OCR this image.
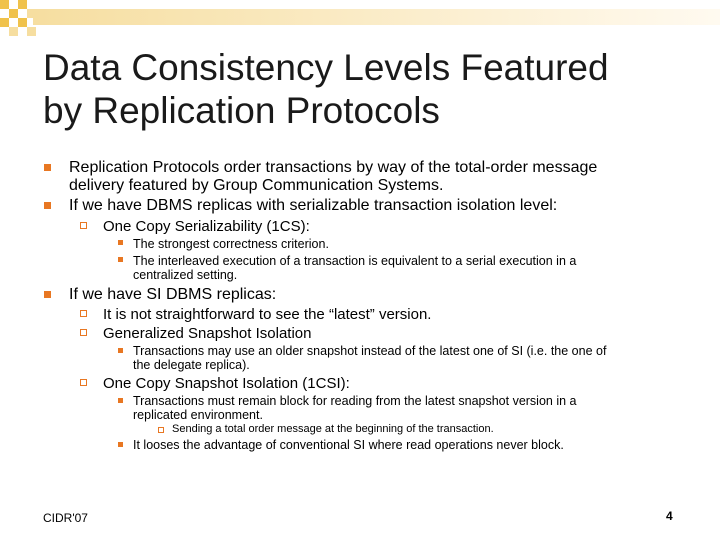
Data Consistency Levels Featured
by Replication Protocols
Replication Protocols order transactions by way of the total-order message
delivery featured by Group Communication Systems.
If we have DBMS replicas with serializable transaction isolation level:
One Copy Serializability (1CS):
The strongest correctness criterion.
The interleaved execution of a transaction is equivalent to a serial execution in a
centralized setting.
If we have SI DBMS replicas:
It is not straightforward to see the “latest” version.
Generalized Snapshot Isolation
Transactions may use an older snapshot instead of the latest one of SI (i.e. the one of
the delegate replica).
One Copy Snapshot Isolation (1CSI):
Transactions must remain block for reading from the latest snapshot version in a
replicated environment.
Sending a total order message at the beginning of the transaction.
It looses the advantage of conventional SI where read operations never block.
CIDR'07	4
